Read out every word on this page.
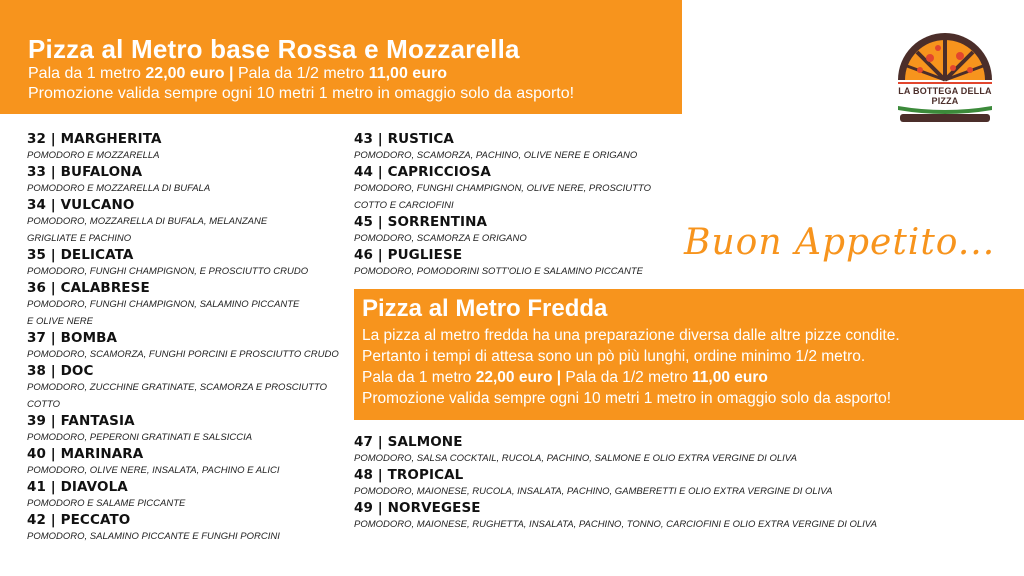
Pizza al Metro base Rossa e Mozzarella

Pala da 1 metro 22,00 euro | Pala da 1/2 metro 11,00 euro

Promozione valida sempre ogni 10 metri 1 metro in omaggio solo da asporto!	LA BOTTEGA DELLA PIZZA
32 | MARGHERITA
POMODORO E MOZZARELLA
33 | BUFALONA
POMODORO E MOZZARELLA DI BUFALA
34 | VULCANO
POMODORO, MOZZARELLA DI BUFALA, MELANZANE GRIGLIATE E PACHINO
35 | DELICATA
POMODORO, FUNGHI CHAMPIGNON, E PROSCIUTTO CRUDO
36 | CALABRESE
POMODORO, FUNGHI CHAMPIGNON, SALAMINO PICCANTE E OLIVE NERE
37 | BOMBA
POMODORO, SCAMORZA, FUNGHI PORCINI E PROSCIUTTO CRUDO
38 | DOC
POMODORO, ZUCCHINE GRATINATE, SCAMORZA E PROSCIUTTO COTTO
39 | FANTASIA
POMODORO, PEPERONI GRATINATI E SALSICCIA
40 | MARINARA
POMODORO, OLIVE NERE, INSALATA, PACHINO E ALICI
41 | DIAVOLA
POMODORO E SALAME PICCANTE
42 | PECCATO
POMODORO, SALAMINO PICCANTE E FUNGHI PORCINI
43 | RUSTICA
POMODORO, SCAMORZA, PACHINO, OLIVE NERE E ORIGANO
44 | CAPRICCIOSA
POMODORO, FUNGHI CHAMPIGNON, OLIVE NERE, PROSCIUTTO COTTO E CARCIOFINI
45 | SORRENTINA
POMODORO, SCAMORZA E ORIGANO
46 | PUGLIESE
POMODORO, POMODORINI SOTT'OLIO E SALAMINO PICCANTE
Buon Appetito...
Pizza al Metro Fredda

La pizza al metro fredda ha una preparazione diversa dalle altre pizze condite.

Pertanto i tempi di attesa sono un pò più lunghi, ordine minimo 1/2 metro.

Pala da 1 metro 22,00 euro | Pala da 1/2 metro 11,00 euro

Promozione valida sempre ogni 10 metri 1 metro in omaggio solo da asporto!

47 | SALMONE
POMODORO, SALSA COCKTAIL, RUCOLA, PACHINO, SALMONE E OLIO EXTRA VERGINE DI OLIVA
48 | TROPICAL
POMODORO, MAIONESE, RUCOLA, INSALATA, PACHINO, GAMBERETTI E OLIO EXTRA VERGINE DI OLIVA
49 | NORVEGESE
POMODORO, MAIONESE, RUGHETTA, INSALATA, PACHINO, TONNO, CARCIOFINI E OLIO EXTRA VERGINE DI OLIVA
